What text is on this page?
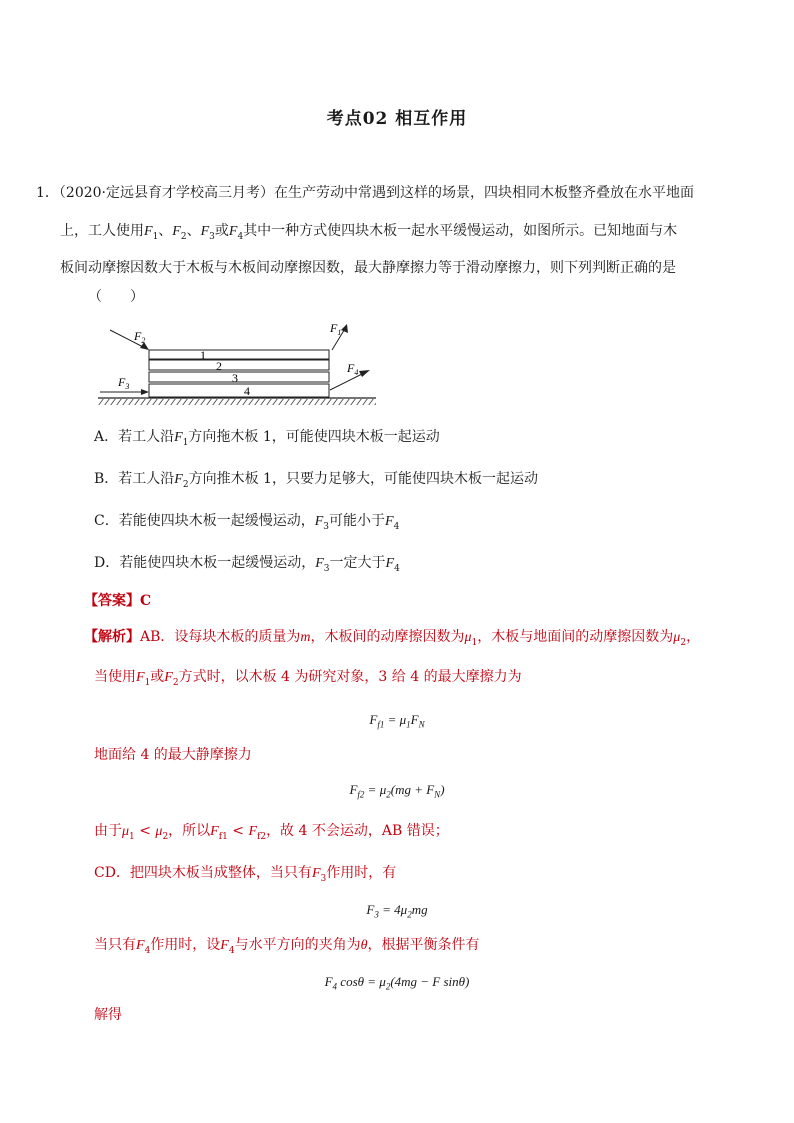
考点02 相互作用
1．（2020·定远县育才学校高三月考）在生产劳动中常遇到这样的场景，四块相同木板整齐叠放在水平地面
上，工人使用$F_1$、$F_2$、$F_3$或$F_4$其中一种方式使四块木板一起水平缓慢运动，如图所示。已知地面与木
板间动摩擦因数大于木板与木板间动摩擦因数，最大静摩擦力等于滑动摩擦力，则下列判断正确的是
（　　）
1
2
3
4
$F_2$
$F_1$
$F_4$
$F_3$
A．若工人沿$F_1$方向拖木板 1，可能使四块木板一起运动
B．若工人沿$F_2$方向推木板 1，只要力足够大，可能使四块木板一起运动
C．若能使四块木板一起缓慢运动，$F_3$可能小于$F_4$
D．若能使四块木板一起缓慢运动，$F_3$一定大于$F_4$
【答案】C
【解析】AB．设每块木板的质量为m，木板间的动摩擦因数为$\mu_1$，木板与地面间的动摩擦因数为$\mu_2$，
当使用$F_1$或$F_2$方式时，以木板 4 为研究对象，3 给 4 的最大摩擦力为
$F_{f1} = \mu_1F_N$
地面给 4 的最大静摩擦力
$F_{f2} = \mu_2(mg + F_N)$
由于$\mu_1 < \mu_2$，所以$F_{f1} < F_{f2}$，故 4 不会运动，AB 错误；
CD．把四块木板当成整体，当只有$F_3$作用时，有
$F_3 = 4\mu_2mg$
当只有$F_4$作用时，设$F_4$与水平方向的夹角为θ，根据平衡条件有
$F_4$ $\cos\theta = \mu_2(4mg - F$ sinθ)
解得
